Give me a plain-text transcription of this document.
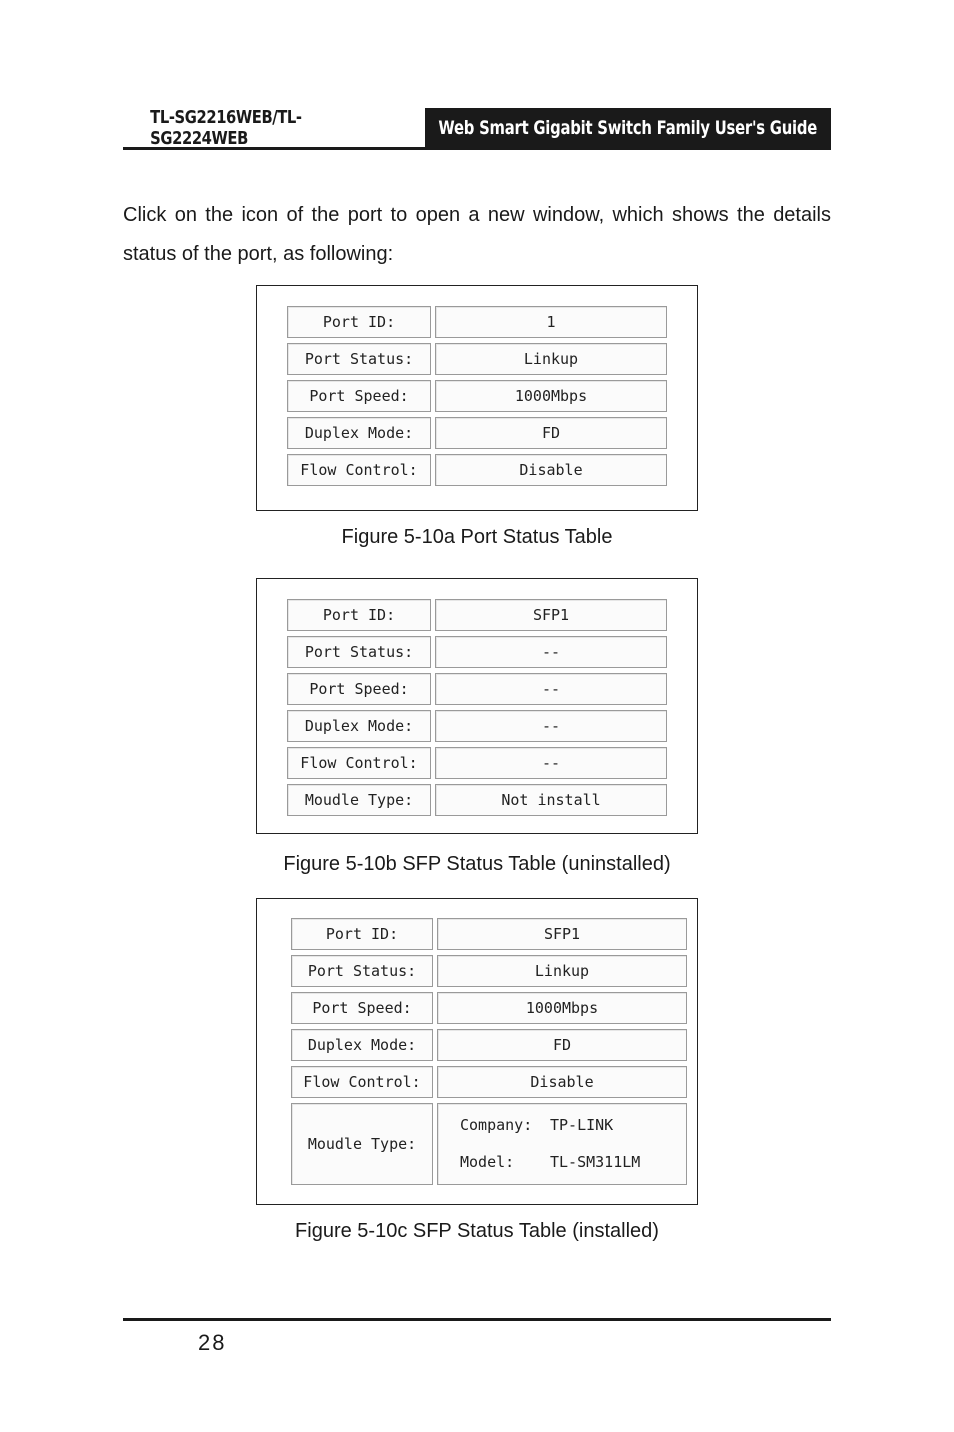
TL-SG2216WEB/TL-SG2224WEB	Web Smart Gigabit Switch Family User's Guide
Click on the icon of the port to open a new window, which shows the details status of the port, as following:
Port ID:	1
Port Status:	Linkup
Port Speed:	1000Mbps
Duplex Mode:	FD
Flow Control:	Disable
Figure 5-10a Port Status Table
Port ID:	SFP1
Port Status:	--
Port Speed:	--
Duplex Mode:	--
Flow Control:	--
Moudle Type:	Not install
Figure 5-10b SFP Status Table (uninstalled)
Port ID:	SFP1
Port Status:	Linkup
Port Speed:	1000Mbps
Duplex Mode:	FD
Flow Control:	Disable
Moudle Type:	Company: TP-LINK
Model: TL-SM311LM
Figure 5-10c SFP Status Table (installed)
28
